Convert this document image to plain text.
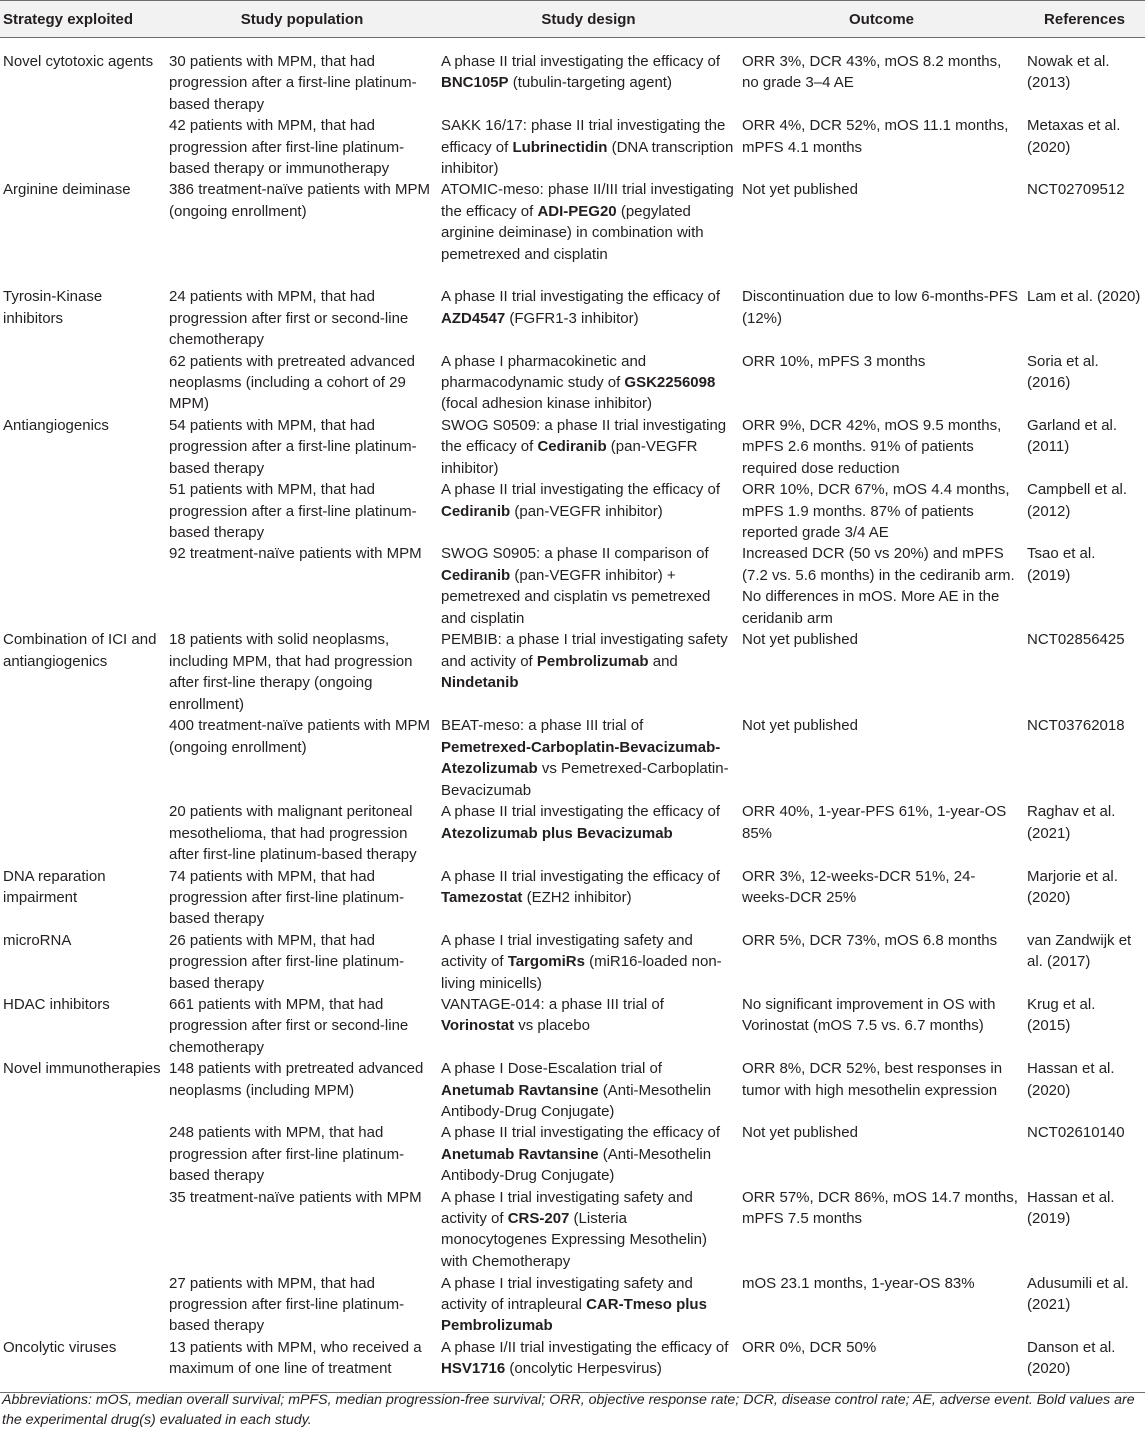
Strategy exploited	Study population	Study design	Outcome	References
Novel cytotoxic agents	30 patients with MPM, that had progression after a first-line platinum-based therapy	A phase II trial investigating the efficacy of BNC105P (tubulin-targeting agent)	ORR 3%, DCR 43%, mOS 8.2 months, no grade 3–4 AE	Nowak et al. (2013)
	42 patients with MPM, that had progression after first-line platinum-based therapy or immunotherapy	SAKK 16/17: phase II trial investigating the efficacy of Lubrinectidin (DNA transcription inhibitor)	ORR 4%, DCR 52%, mOS 11.1 months, mPFS 4.1 months	Metaxas et al. (2020)
Arginine deiminase	386 treatment-naïve patients with MPM (ongoing enrollment)	ATOMIC-meso: phase II/III trial investigating the efficacy of ADI-PEG20 (pegylated arginine deiminase) in combination with pemetrexed and cisplatin	Not yet published	NCT02709512
Tyrosin-Kinase inhibitors	24 patients with MPM, that had progression after first or second-line chemotherapy	A phase II trial investigating the efficacy of AZD4547 (FGFR1-3 inhibitor)	Discontinuation due to low 6-months-PFS (12%)	Lam et al. (2020)
	62 patients with pretreated advanced neoplasms (including a cohort of 29 MPM)	A phase I pharmacokinetic and pharmacodynamic study of GSK2256098 (focal adhesion kinase inhibitor)	ORR 10%, mPFS 3 months	Soria et al. (2016)
Antiangiogenics	54 patients with MPM, that had progression after a first-line platinum-based therapy	SWOG S0509: a phase II trial investigating the efficacy of Cediranib (pan-VEGFR inhibitor)	ORR 9%, DCR 42%, mOS 9.5 months, mPFS 2.6 months. 91% of patients required dose reduction	Garland et al. (2011)
	51 patients with MPM, that had progression after a first-line platinum-based therapy	A phase II trial investigating the efficacy of Cediranib (pan-VEGFR inhibitor)	ORR 10%, DCR 67%, mOS 4.4 months, mPFS 1.9 months. 87% of patients reported grade 3/4 AE	Campbell et al. (2012)
	92 treatment-naïve patients with MPM	SWOG S0905: a phase II comparison of Cediranib (pan-VEGFR inhibitor) + pemetrexed and cisplatin vs pemetrexed and cisplatin	Increased DCR (50 vs 20%) and mPFS (7.2 vs. 5.6 months) in the cediranib arm. No differences in mOS. More AE in the ceridanib arm	Tsao et al. (2019)
Combination of ICI and antiangiogenics	18 patients with solid neoplasms, including MPM, that had progression after first-line therapy (ongoing enrollment)	PEMBIB: a phase I trial investigating safety and activity of Pembrolizumab and Nindetanib	Not yet published	NCT02856425
	400 treatment-naïve patients with MPM (ongoing enrollment)	BEAT-meso: a phase III trial of Pemetrexed-Carboplatin-Bevacizumab-Atezolizumab vs Pemetrexed-Carboplatin-Bevacizumab	Not yet published	NCT03762018
	20 patients with malignant peritoneal mesothelioma, that had progression after first-line platinum-based therapy	A phase II trial investigating the efficacy of Atezolizumab plus Bevacizumab	ORR 40%, 1-year-PFS 61%, 1-year-OS 85%	Raghav et al. (2021)
DNA reparation impairment	74 patients with MPM, that had progression after first-line platinum-based therapy	A phase II trial investigating the efficacy of Tamezostat (EZH2 inhibitor)	ORR 3%, 12-weeks-DCR 51%, 24-weeks-DCR 25%	Marjorie et al. (2020)
microRNA	26 patients with MPM, that had progression after first-line platinum-based therapy	A phase I trial investigating safety and activity of TargomiRs (miR16-loaded non-living minicells)	ORR 5%, DCR 73%, mOS 6.8 months	van Zandwijk et al. (2017)
HDAC inhibitors	661 patients with MPM, that had progression after first or second-line chemotherapy	VANTAGE-014: a phase III trial of Vorinostat vs placebo	No significant improvement in OS with Vorinostat (mOS 7.5 vs. 6.7 months)	Krug et al. (2015)
Novel immunotherapies	148 patients with pretreated advanced neoplasms (including MPM)	A phase I Dose-Escalation trial of Anetumab Ravtansine (Anti-Mesothelin Antibody-Drug Conjugate)	ORR 8%, DCR 52%, best responses in tumor with high mesothelin expression	Hassan et al. (2020)
	248 patients with MPM, that had progression after first-line platinum-based therapy	A phase II trial investigating the efficacy of Anetumab Ravtansine (Anti-Mesothelin Antibody-Drug Conjugate)	Not yet published	NCT02610140
	35 treatment-naïve patients with MPM	A phase I trial investigating safety and activity of CRS-207 (Listeria monocytogenes Expressing Mesothelin) with Chemotherapy	ORR 57%, DCR 86%, mOS 14.7 months, mPFS 7.5 months	Hassan et al. (2019)
	27 patients with MPM, that had progression after first-line platinum-based therapy	A phase I trial investigating safety and activity of intrapleural CAR-Tmeso plus Pembrolizumab	mOS 23.1 months, 1-year-OS 83%	Adusumili et al. (2021)
Oncolytic viruses	13 patients with MPM, who received a maximum of one line of treatment	A phase I/II trial investigating the efficacy of HSV1716 (oncolytic Herpesvirus)	ORR 0%, DCR 50%	Danson et al. (2020)
Abbreviations: mOS, median overall survival; mPFS, median progression-free survival; ORR, objective response rate; DCR, disease control rate; AE, adverse event. Bold values are the experimental drug(s) evaluated in each study.
